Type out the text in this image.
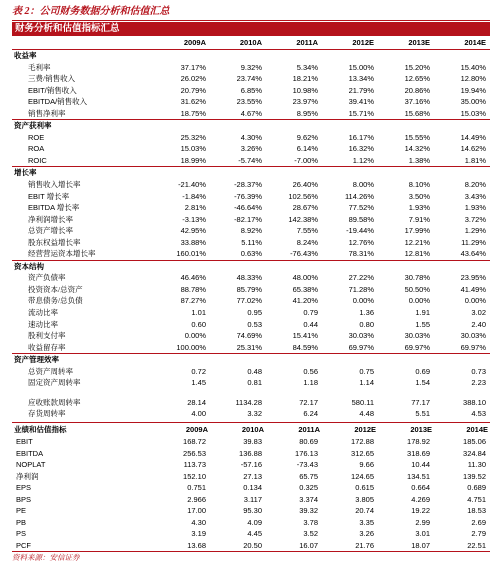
表 2：公司财务数据分析和估值汇总
财务分析和估值指标汇总
2009A	2010A	2011A	2012E	2013E	2014E
收益率
毛利率	37.17%	9.32%	5.34%	15.00%	15.20%	15.40%
三费/销售收入	26.02%	23.74%	18.21%	13.34%	12.65%	12.80%
EBIT/销售收入	20.79%	6.85%	10.98%	21.79%	20.86%	19.94%
EBITDA/销售收入	31.62%	23.55%	23.97%	39.41%	37.16%	35.00%
销售净利率	18.75%	4.67%	8.95%	15.71%	15.68%	15.03%
资产获利率
ROE	25.32%	4.30%	9.62%	16.17%	15.55%	14.49%
ROA	15.03%	3.26%	6.14%	16.32%	14.32%	14.62%
ROIC	18.99%	-5.74%	-7.00%	1.12%	1.38%	1.81%
增长率
销售收入增长率	-21.40%	-28.37%	26.40%	8.00%	8.10%	8.20%
EBIT 增长率	-1.84%	-76.39%	102.56%	114.26%	3.50%	3.43%
EBITDA 增长率	2.81%	-46.64%	28.67%	77.52%	1.93%	1.93%
净利润增长率	-3.13%	-82.17%	142.38%	89.58%	7.91%	3.72%
总资产增长率	42.95%	8.92%	7.55%	-19.44%	17.99%	1.29%
股东权益增长率	33.88%	5.11%	8.24%	12.76%	12.21%	11.29%
经营营运资本增长率	160.01%	0.63%	-76.43%	78.31%	12.81%	43.64%
资本结构
资产负债率	46.46%	48.33%	48.00%	27.22%	30.78%	23.95%
投资资本/总资产	88.78%	85.79%	65.38%	71.28%	50.50%	41.49%
带息债务/总负债	87.27%	77.02%	41.20%	0.00%	0.00%	0.00%
流动比率	1.01	0.95	0.79	1.36	1.91	3.02
速动比率	0.60	0.53	0.44	0.80	1.55	2.40
股利支付率	0.00%	74.69%	15.41%	30.03%	30.03%	30.03%
收益留存率	100.00%	25.31%	84.59%	69.97%	69.97%	69.97%
资产管理效率
总资产周转率	0.72	0.48	0.56	0.75	0.69	0.73
固定资产周转率	1.45	0.81	1.18	1.14	1.54	2.23
应收账款周转率	28.14	1134.28	72.17	580.11	77.17	388.10
存货周转率	4.00	3.32	6.24	4.48	5.51	4.53
业绩和估值指标	2009A	2010A	2011A	2012E	2013E	2014E
EBIT	168.72	39.83	80.69	172.88	178.92	185.06
EBITDA	256.53	136.88	176.13	312.65	318.69	324.84
NOPLAT	113.73	-57.16	-73.43	9.66	10.44	11.30
净利润	152.10	27.13	65.75	124.65	134.51	139.52
EPS	0.751	0.134	0.325	0.615	0.664	0.689
BPS	2.966	3.117	3.374	3.805	4.269	4.751
PE	17.00	95.30	39.32	20.74	19.22	18.53
PB	4.30	4.09	3.78	3.35	2.99	2.69
PS	3.19	4.45	3.52	3.26	3.01	2.79
PCF	13.68	20.50	16.07	21.76	18.07	22.51
资料来源：安信证券
